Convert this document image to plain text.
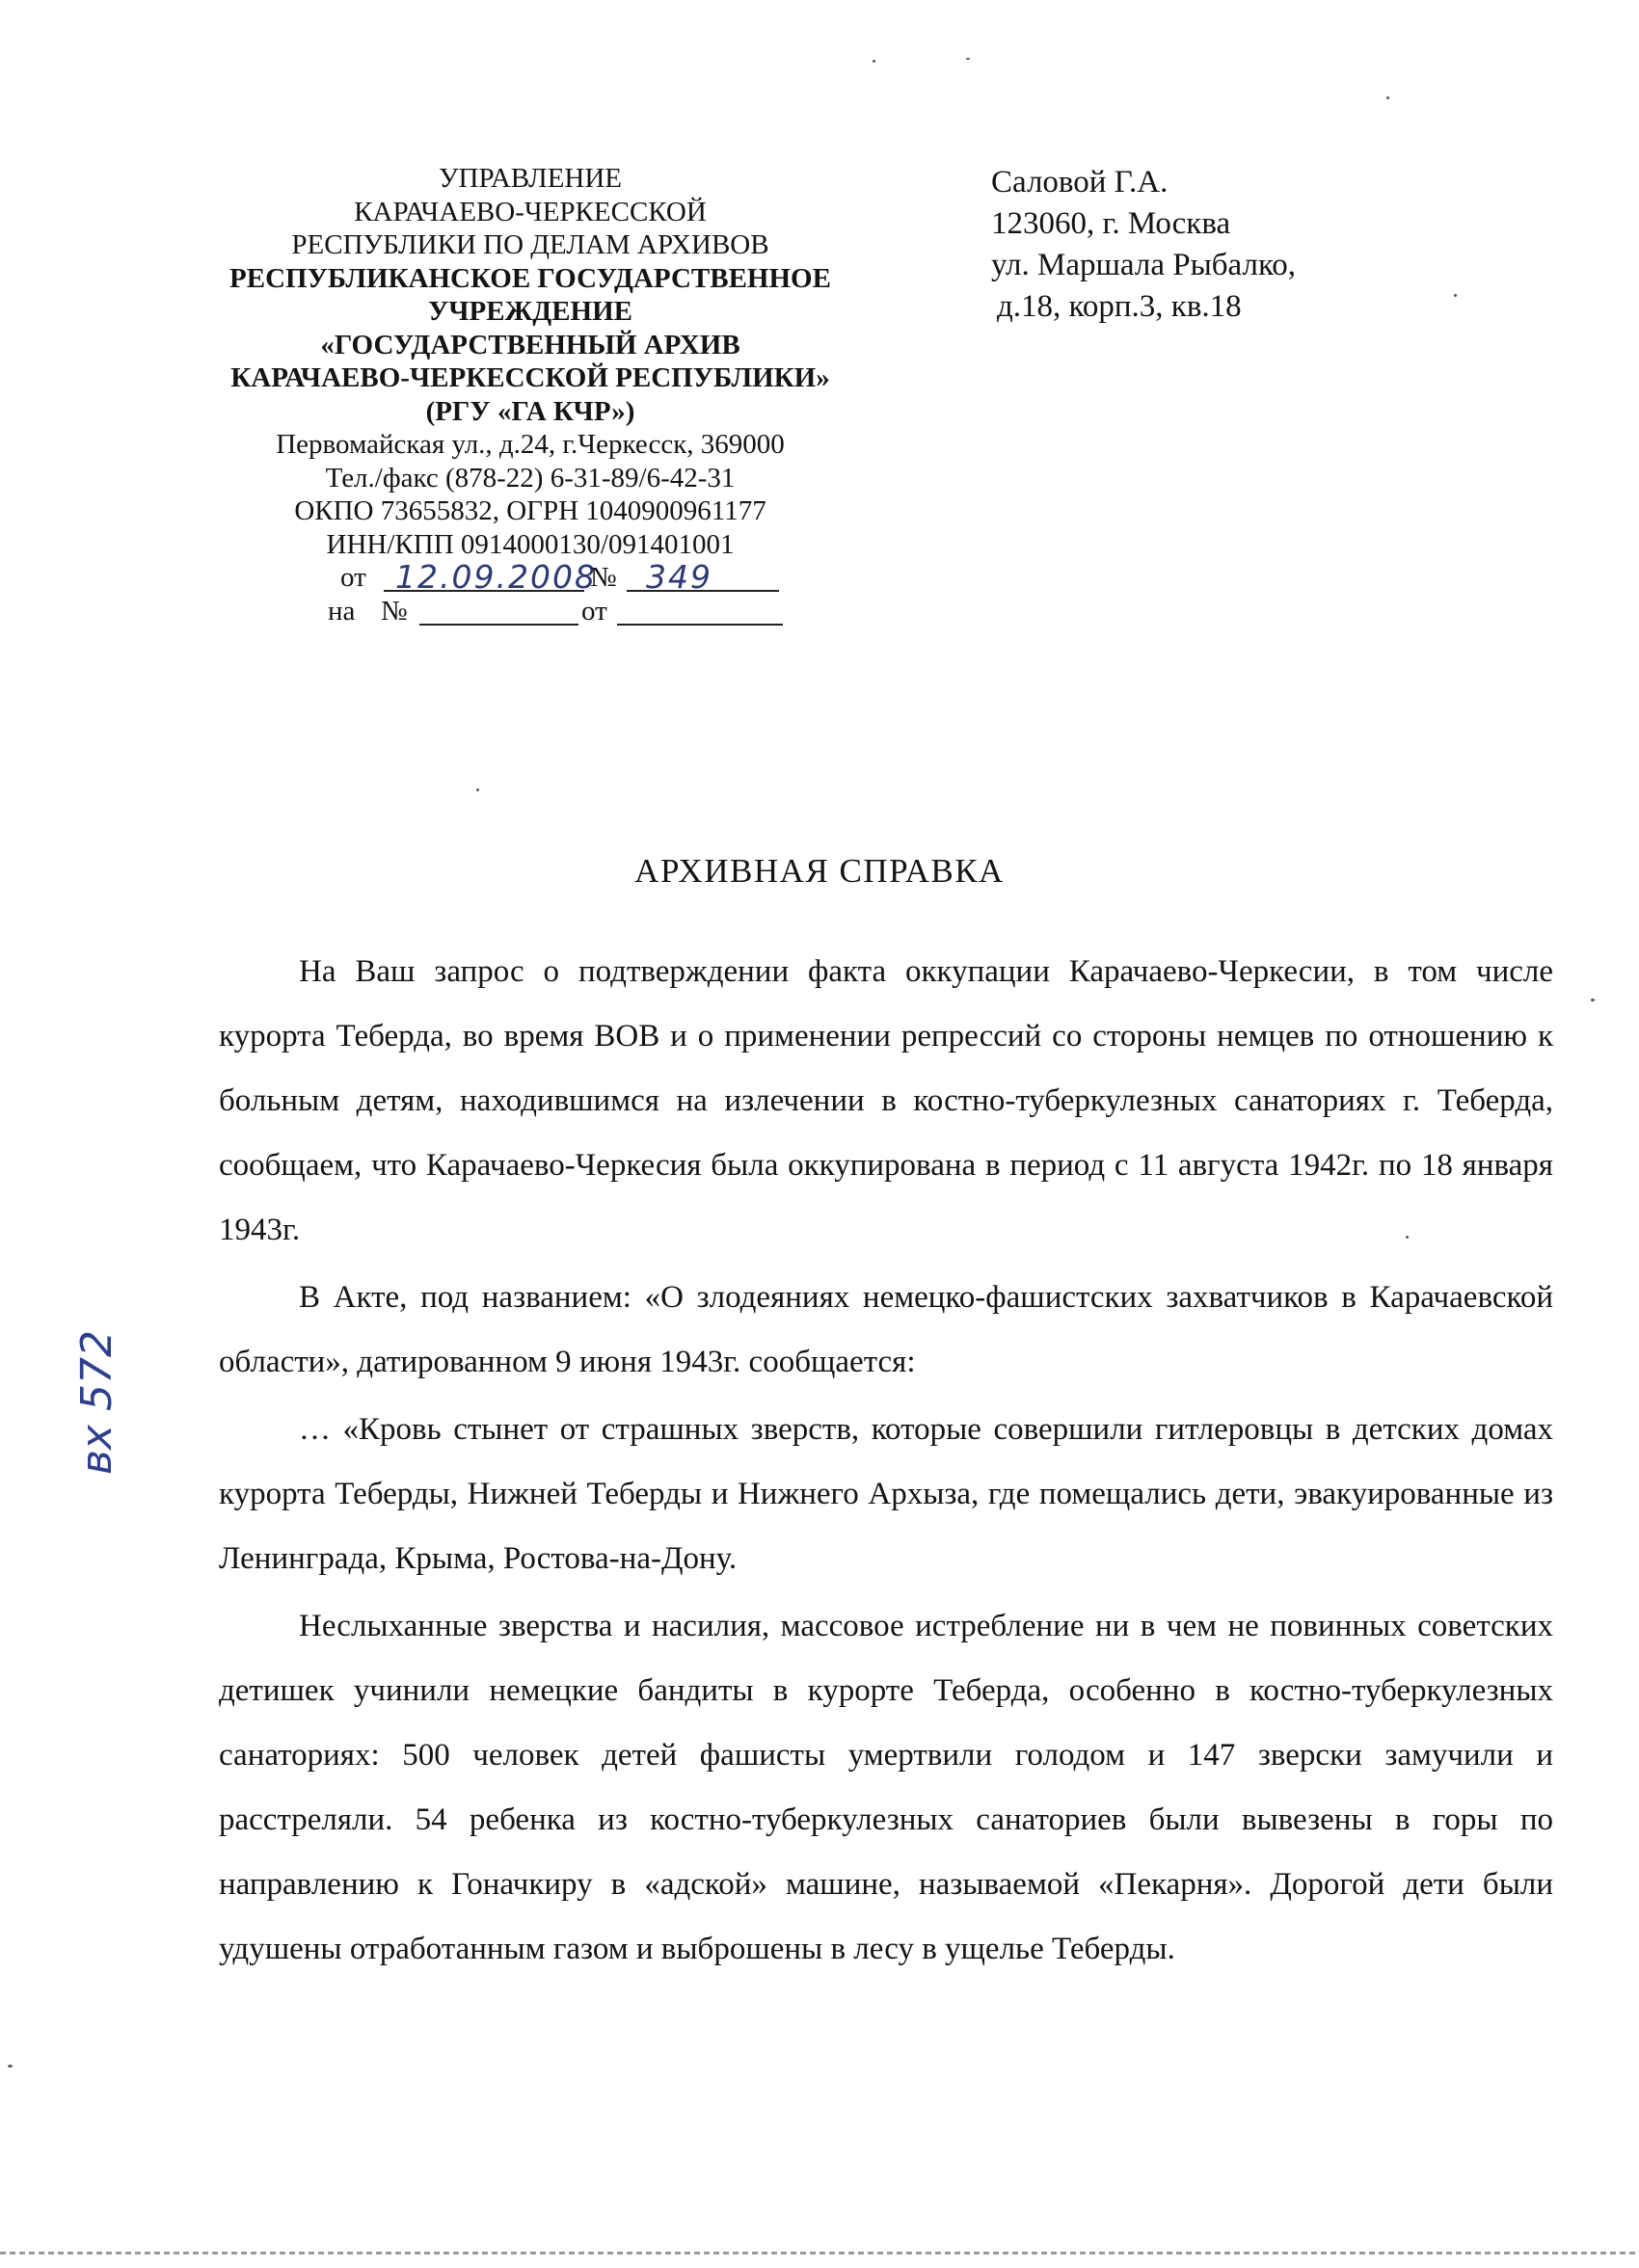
УПРАВЛЕНИЕ
КАРАЧАЕВО-ЧЕРКЕССКОЙ
РЕСПУБЛИКИ ПО ДЕЛАМ АРХИВОВ
РЕСПУБЛИКАНСКОЕ ГОСУДАРСТВЕННОЕ
УЧРЕЖДЕНИЕ
«ГОСУДАРСТВЕННЫЙ АРХИВ
КАРАЧАЕВО-ЧЕРКЕССКОЙ РЕСПУБЛИКИ»
(РГУ «ГА КЧР»)
Первомайская ул., д.24, г.Черкесск, 369000
Тел./факс (878-22) 6-31-89/6-42-31
ОКПО 73655832, ОГРН 1040900961177
ИНН/КПП 0914000130/091401001
от 12.09.2008
№ 349
на №	от
Саловой Г.А.
123060, г. Москва
ул. Маршала Рыбалко,
д.18, корп.3, кв.18
АРХИВНАЯ СПРАВКА

На Ваш запрос о подтверждении факта оккупации Карачаево-Черкесии, в том числе курорта Теберда, во время ВОВ и о применении репрессий со стороны немцев по отношению к больным детям, находившимся на излечении в костно-туберкулезных санаториях г. Теберда, сообщаем, что Карачаево-Черкесия была оккупирована в период с 11 августа 1942г. по 18 января 1943г.

В Акте, под названием: «О злодеяниях немецко-фашистских захватчиков в Карачаевской области», датированном 9 июня 1943г. сообщается:

… «Кровь стынет от страшных зверств, которые совершили гитлеровцы в детских домах курорта Теберды, Нижней Теберды и Нижнего Архыза, где помещались дети, эвакуированные из Ленинграда, Крыма, Ростова-на-Дону.

Неслыханные зверства и насилия, массовое истребление ни в чем не повинных советских детишек учинили немецкие бандиты в курорте Теберда, особенно в костно-туберкулезных санаториях: 500 человек детей фашисты умертвили голодом и 147 зверски замучили и расстреляли. 54 ребенка из костно-туберкулезных санаториев были вывезены в горы по направлению к Гоначкиру в «адской» машине, называемой «Пекарня». Дорогой дети были удушены отработанным газом и выброшены в лесу в ущелье Теберды.

вх 572
